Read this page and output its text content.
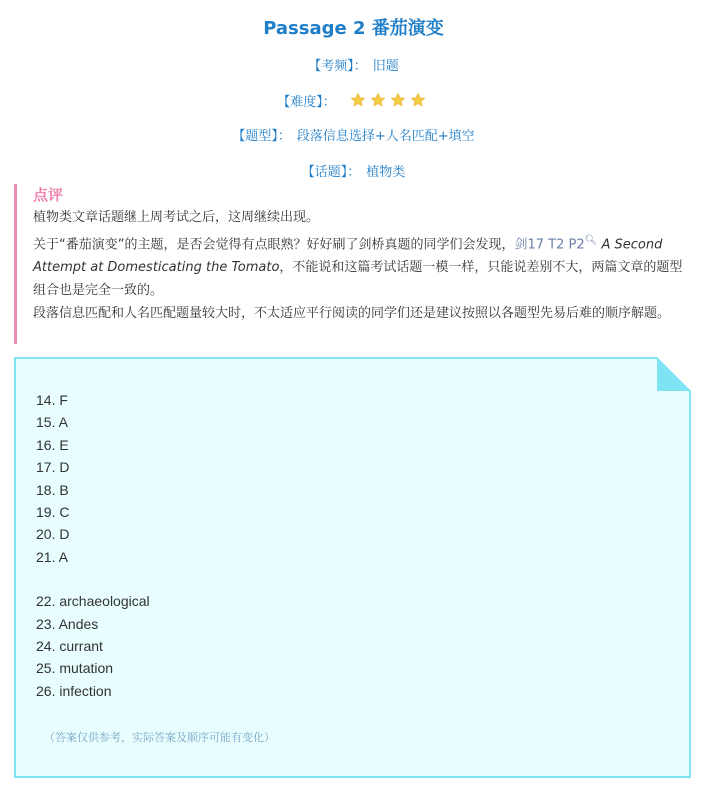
Passage 2 番茄演变
【考频】： 旧题
【难度】：
【题型】： 段落信息选择+人名匹配+填空
【话题】： 植物类
点评

植物类文章话题继上周考试之后，这周继续出现。

关于“番茄演变”的主题，是否会觉得有点眼熟？好好刷了剑桥真题的同学们会发现，剑17 T2 P2🔍︎ A Second Attempt at Domesticating the Tomato，不能说和这篇考试话题一模一样，只能说差别不大，两篇文章的题型组合也是完全一致的。

段落信息匹配和人名匹配题量较大时，不太适应平行阅读的同学们还是建议按照以各题型先易后难的顺序解题。

14. F
15. A
16. E
17. D
18. B
19. C
20. D
21. A
22. archaeological
23. Andes
24. currant
25. mutation
26. infection
（答案仅供参考，实际答案及顺序可能有变化）
